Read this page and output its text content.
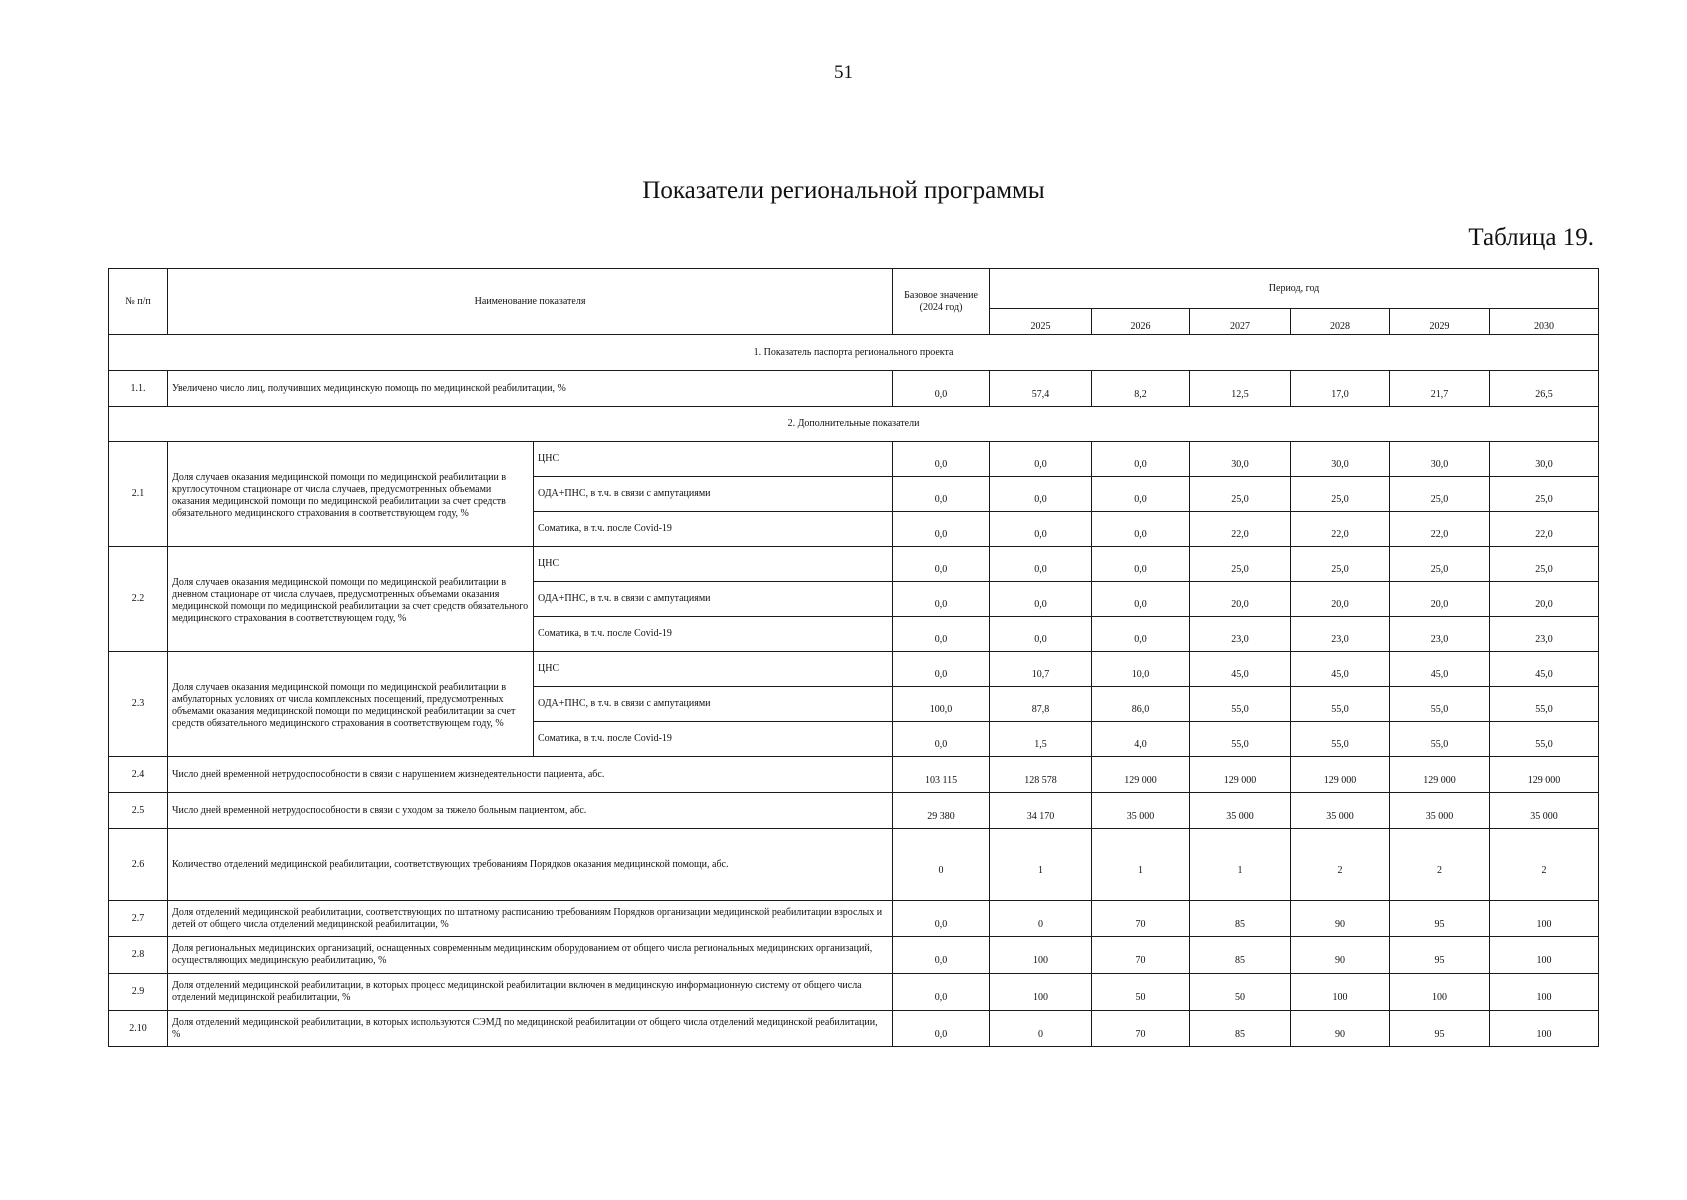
51
Показатели региональной программы
Таблица 19.
№ п/п	Наименование показателя		Базовое значение (2024 год)	Период, год					
				2025	2026	2027	2028	2029	2030
1. Показатель паспорта регионального проекта									
1.1.	Увеличено число лиц, получивших медицинскую помощь по медицинской реабилитации, %		0,0	57,4	8,2	12,5	17,0	21,7	26,5
2. Дополнительные показатели									
2.1	Доля случаев оказания медицинской помощи по медицинской реабилитации в круглосуточном стационаре от числа случаев, предусмотренных объемами оказания медицинской помощи по медицинской реабилитации за счет средств обязательного медицинского страхования в соответствующем году, %	ЦНС	0,0	0,0	0,0	30,0	30,0	30,0	30,0
		ОДА+ПНС, в т.ч. в связи с ампутациями	0,0	0,0	0,0	25,0	25,0	25,0	25,0
		Соматика, в т.ч. после Covid-19	0,0	0,0	0,0	22,0	22,0	22,0	22,0
2.2	Доля случаев оказания медицинской помощи по медицинской реабилитации в дневном стационаре от числа случаев, предусмотренных объемами оказания медицинской помощи по медицинской реабилитации за счет средств обязательного медицинского страхования в соответствующем году, %	ЦНС	0,0	0,0	0,0	25,0	25,0	25,0	25,0
		ОДА+ПНС, в т.ч. в связи с ампутациями	0,0	0,0	0,0	20,0	20,0	20,0	20,0
		Соматика, в т.ч. после Covid-19	0,0	0,0	0,0	23,0	23,0	23,0	23,0
2.3	Доля случаев оказания медицинской помощи по медицинской реабилитации в амбулаторных условиях от числа комплексных посещений, предусмотренных объемами оказания медицинской помощи по медицинской реабилитации за счет средств обязательного медицинского страхования в соответствующем году, %	ЦНС	0,0	10,7	10,0	45,0	45,0	45,0	45,0
		ОДА+ПНС, в т.ч. в связи с ампутациями	100,0	87,8	86,0	55,0	55,0	55,0	55,0
		Соматика, в т.ч. после Covid-19	0,0	1,5	4,0	55,0	55,0	55,0	55,0
2.4	Число дней временной нетрудоспособности в связи с нарушением жизнедеятельности пациента, абс.		103 115	128 578	129 000	129 000	129 000	129 000	129 000
2.5	Число дней временной нетрудоспособности в связи с уходом за тяжело больным пациентом, абс.		29 380	34 170	35 000	35 000	35 000	35 000	35 000
2.6	Количество отделений медицинской реабилитации, соответствующих требованиям Порядков оказания медицинской помощи, абс.		0	1	1	1	2	2	2
2.7	Доля отделений медицинской реабилитации, соответствующих по штатному расписанию требованиям Порядков организации медицинской реабилитации взрослых и детей от общего числа отделений медицинской реабилитации, %		0,0	0	70	85	90	95	100
2.8	Доля региональных медицинских организаций, оснащенных современным медицинским оборудованием от общего числа региональных медицинских организаций, осуществляющих медицинскую реабилитацию, %		0,0	100	70	85	90	95	100
2.9	Доля отделений медицинской реабилитации, в которых процесс медицинской реабилитации включен в медицинскую информационную систему от общего числа отделений медицинской реабилитации, %		0,0	100	50	50	100	100	100
2.10	Доля отделений медицинской реабилитации, в которых используются СЭМД по медицинской реабилитации от общего числа отделений медицинской реабилитации, %		0,0	0	70	85	90	95	100
